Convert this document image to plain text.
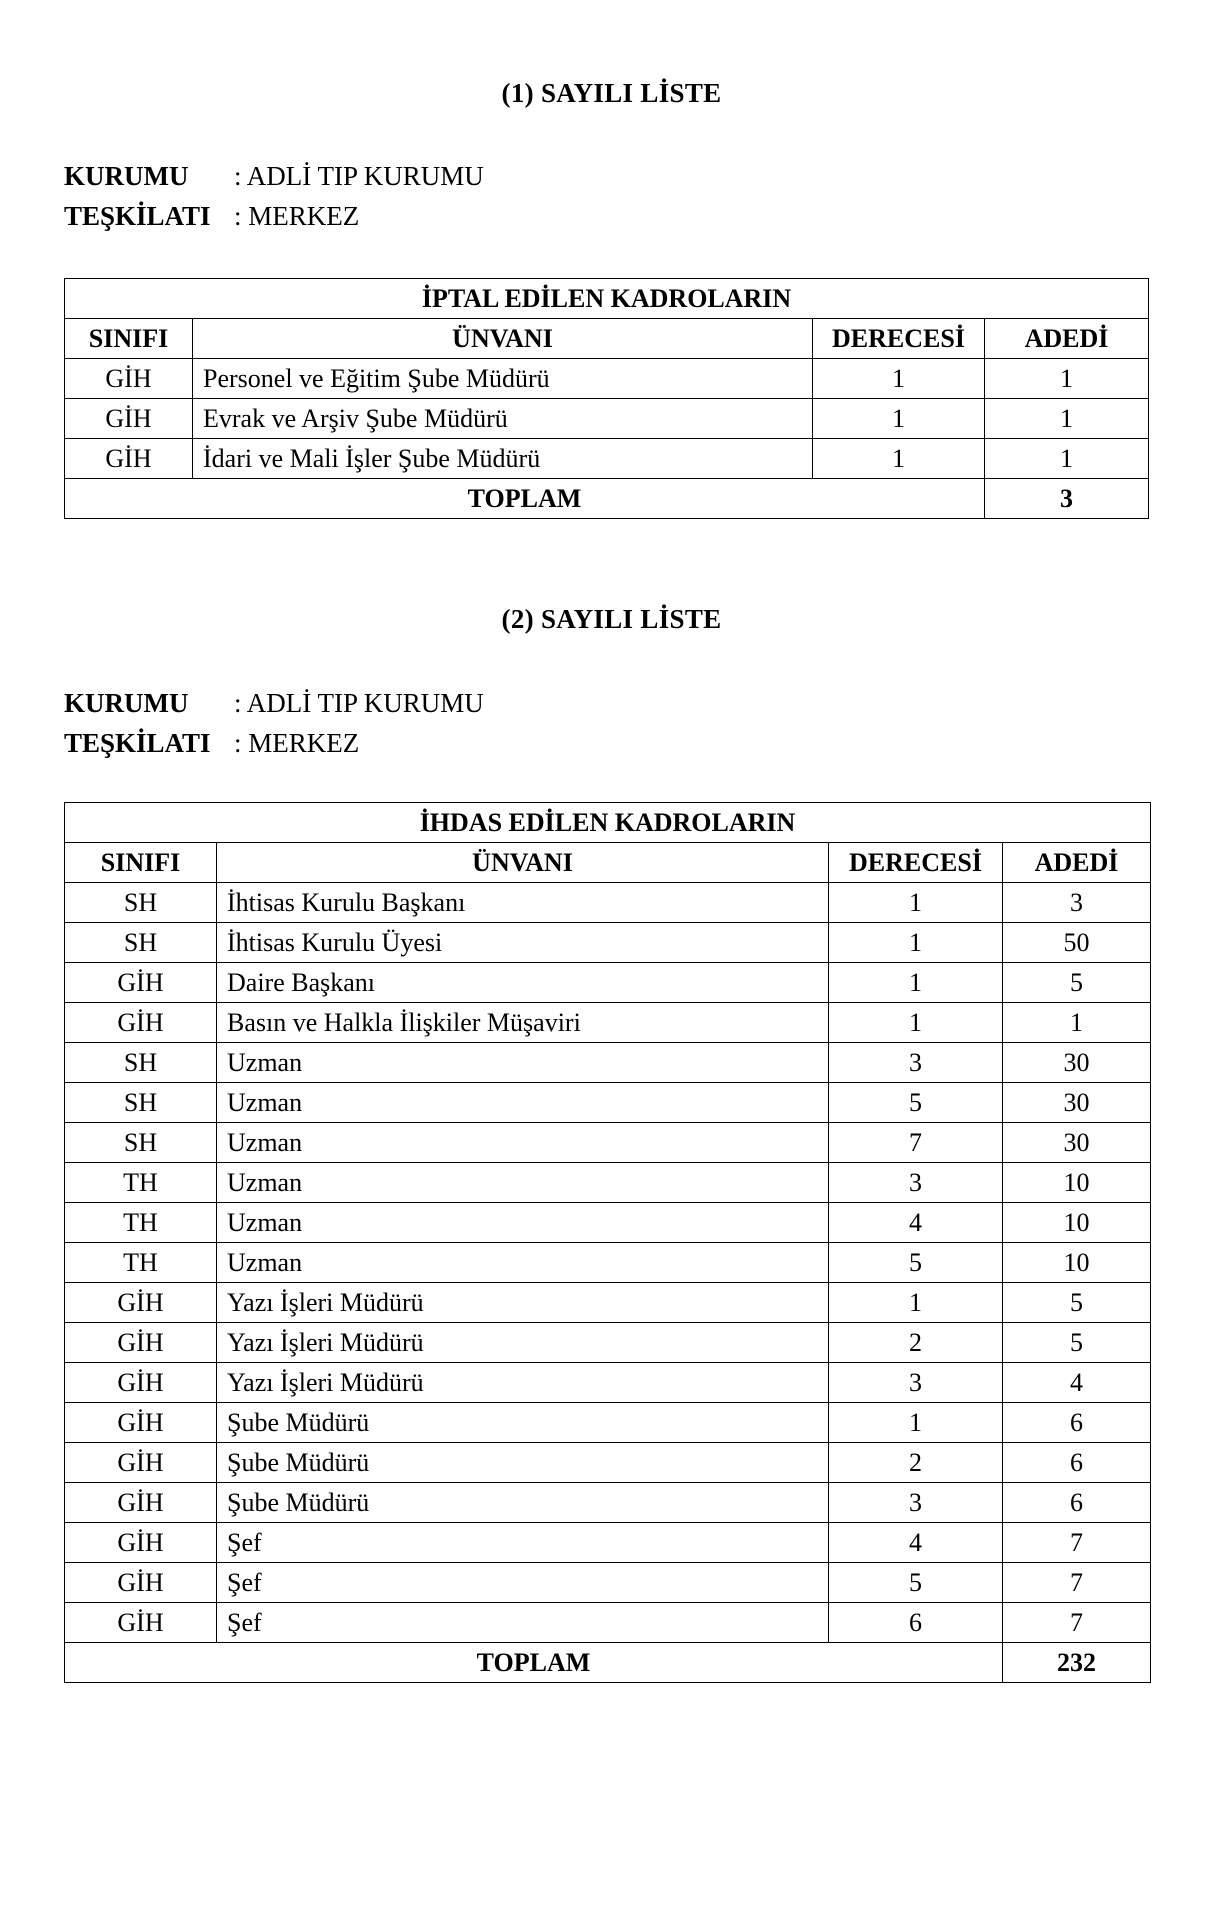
(1) SAYILI LİSTE
KURUMU : ADLİ TIP KURUMU
TEŞKİLATI : MERKEZ
İPTAL EDİLEN KADROLARIN			
SINIFI	ÜNVANI	DERECESİ	ADEDİ
GİH	Personel ve Eğitim Şube Müdürü	1	1
GİH	Evrak ve Arşiv Şube Müdürü	1	1
GİH	İdari ve Mali İşler Şube Müdürü	1	1
TOPLAM			3
(2) SAYILI LİSTE
KURUMU : ADLİ TIP KURUMU
TEŞKİLATI : MERKEZ
İHDAS EDİLEN KADROLARIN			
SINIFI	ÜNVANI	DERECESİ	ADEDİ
SH	İhtisas Kurulu Başkanı	1	3
SH	İhtisas Kurulu Üyesi	1	50
GİH	Daire Başkanı	1	5
GİH	Basın ve Halkla İlişkiler Müşaviri	1	1
SH	Uzman	3	30
SH	Uzman	5	30
SH	Uzman	7	30
TH	Uzman	3	10
TH	Uzman	4	10
TH	Uzman	5	10
GİH	Yazı İşleri Müdürü	1	5
GİH	Yazı İşleri Müdürü	2	5
GİH	Yazı İşleri Müdürü	3	4
GİH	Şube Müdürü	1	6
GİH	Şube Müdürü	2	6
GİH	Şube Müdürü	3	6
GİH	Şef	4	7
GİH	Şef	5	7
GİH	Şef	6	7
TOPLAM			232
